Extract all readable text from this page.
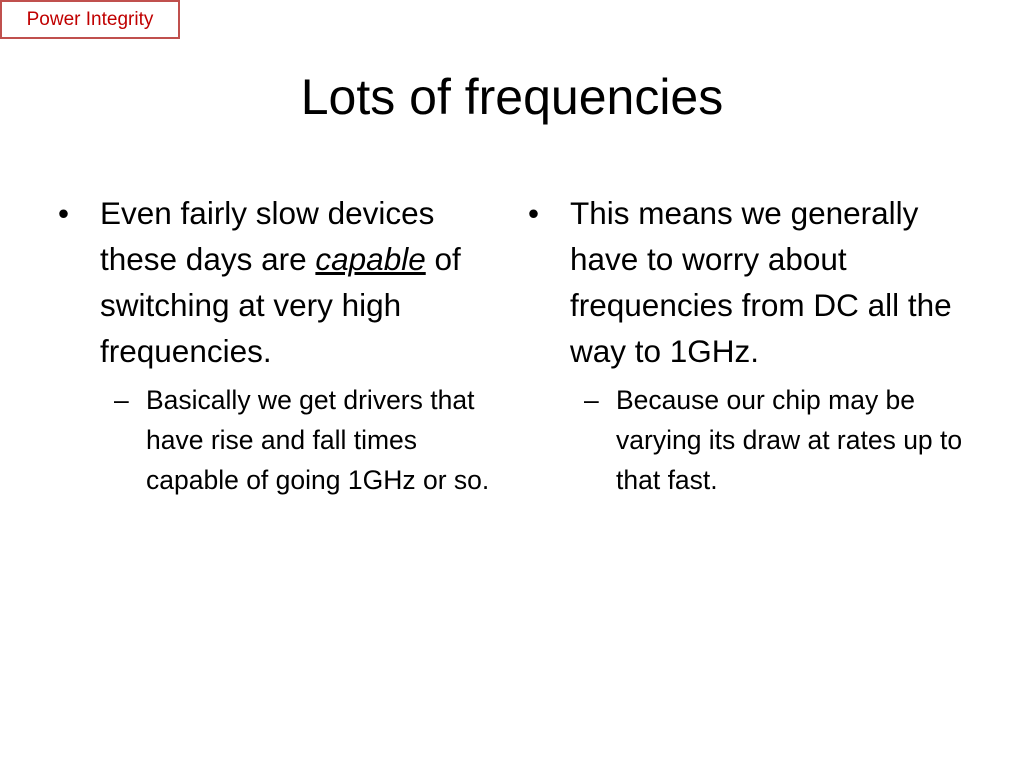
Power Integrity
Lots of frequencies
• Even fairly slow devices these days are capable of switching at very high frequencies.
– Basically we get drivers that have rise and fall times capable of going 1GHz or so.
• This means we generally have to worry about frequencies from DC all the way to 1GHz.
– Because our chip may be varying its draw at rates up to that fast.
